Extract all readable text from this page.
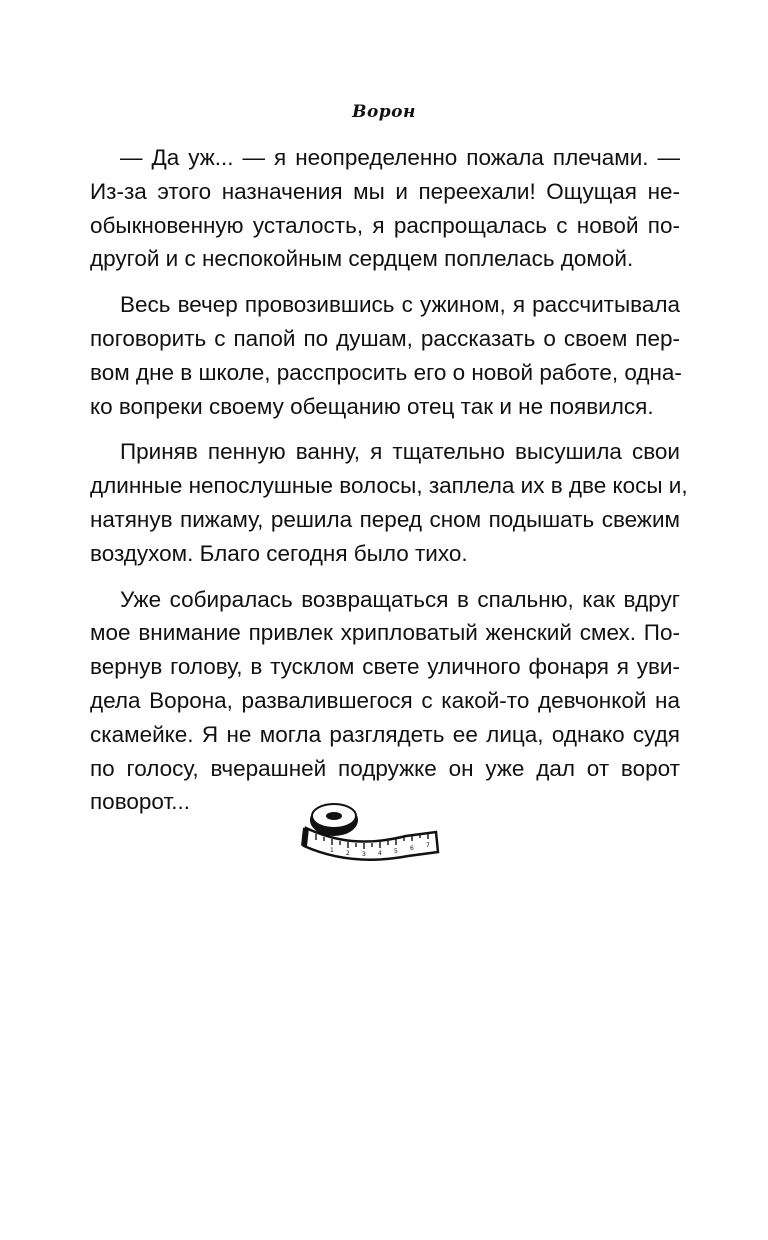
Ворон
— Да уж... — я неопределенно пожала плечами. —
Из-за этого назначения мы и переехали! Ощущая не-
обыкновенную усталость, я распрощалась с новой по-
другой и с неспокойным сердцем поплелась домой.
Весь вечер провозившись с ужином, я рассчитывала
поговорить с папой по душам, рассказать о своем пер-
вом дне в школе, расспросить его о новой работе, одна-
ко вопреки своему обещанию отец так и не появился.
Приняв пенную ванну, я тщательно высушила свои
длинные непослушные волосы, заплела их в две косы и,
натянув пижаму, решила перед сном подышать свежим
воздухом. Благо сегодня было тихо.
Уже собиралась возвращаться в спальню, как вдруг
мое внимание привлек хрипловатый женский смех. По-
вернув голову, в тусклом свете уличного фонаря я уви-
дела Ворона, развалившегося с какой-то девчонкой на
скамейке. Я не могла разглядеть ее лица, однако судя
по голосу, вчерашней подружке он уже дал от ворот
поворот...
1 2 3 4 5 6 7
